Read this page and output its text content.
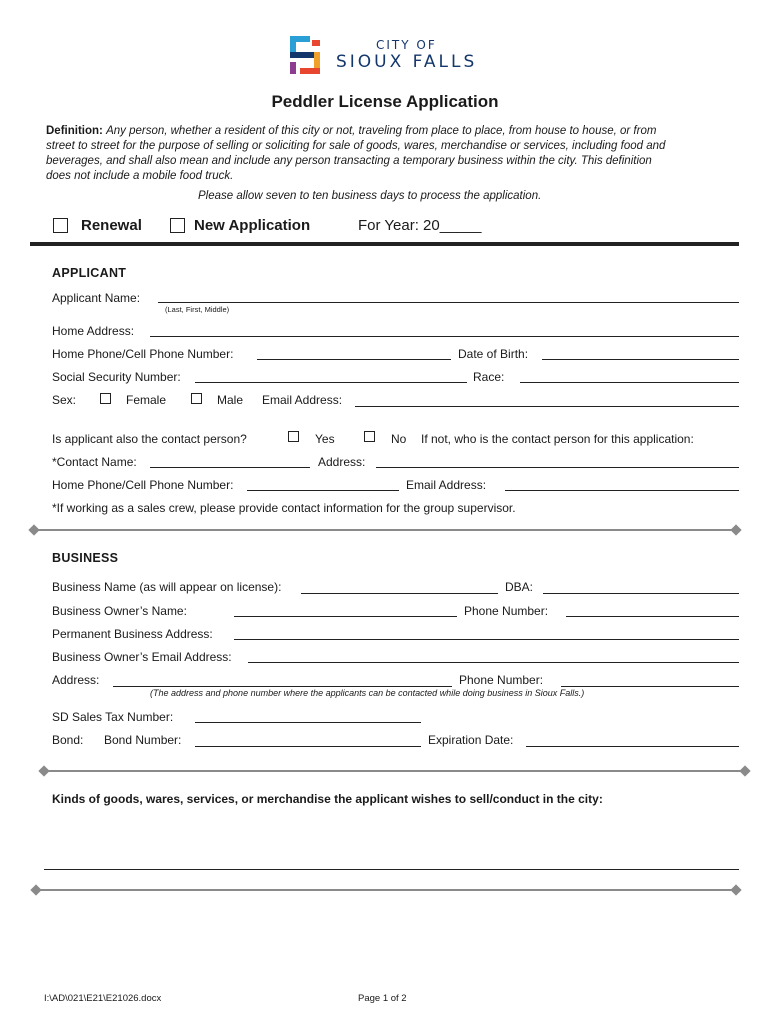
CITY OF
SIOUX FALLS
Peddler License Application
Definition: Any person, whether a resident of this city or not, traveling from place to place, from house to house, or from
street to street for the purpose of selling or soliciting for sale of goods, wares, merchandise or services, including food and
beverages, and shall also mean and include any person transacting a temporary business within the city. This definition
does not include a mobile food truck.
Please allow seven to ten business days to process the application.
Renewal	New Application	For Year: 20_____
APPLICANT
Applicant Name:
(Last, First, Middle)
Home Address:
Home Phone/Cell Phone Number:	Date of Birth:
Social Security Number:	Race:
Sex:	Female	Male Email Address:
Is applicant also the contact person?	Yes	No If not, who is the contact person for this application:
*Contact Name:	Address:
Home Phone/Cell Phone Number:	Email Address:
*If working as a sales crew, please provide contact information for the group supervisor.
BUSINESS
Business Name (as will appear on license):	DBA:
Business Owner’s Name:	Phone Number:
Permanent Business Address:
Business Owner’s Email Address:
Address:	Phone Number:
(The address and phone number where the applicants can be contacted while doing business in Sioux Falls.)
SD Sales Tax Number:
Bond: Bond Number:	Expiration Date:
Kinds of goods, wares, services, or merchandise the applicant wishes to sell/conduct in the city:
I:\AD\021\E21\E21026.docx	Page 1 of 2
